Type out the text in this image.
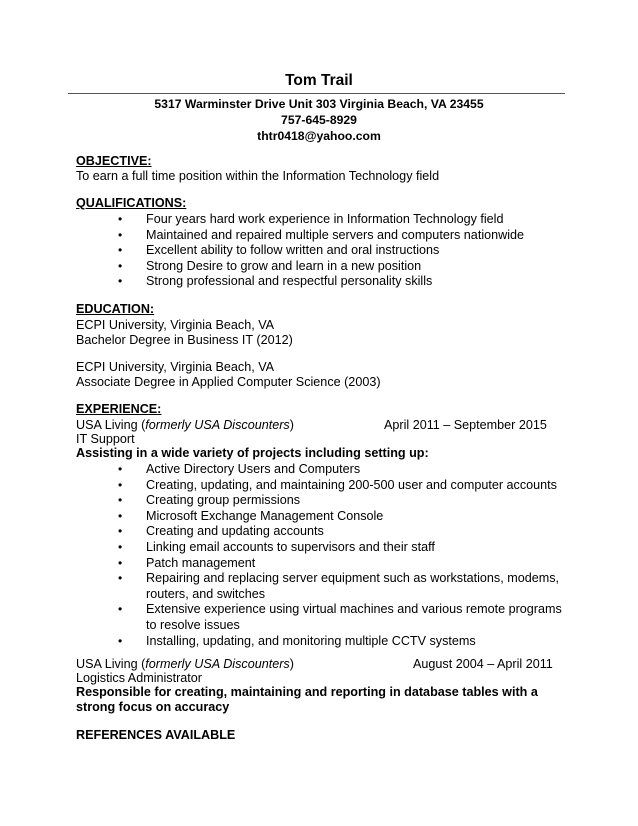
Tom Trail
5317 Warminster Drive Unit 303 Virginia Beach, VA 23455
757-645-8929
thtr0418@yahoo.com
OBJECTIVE:
To earn a full time position within the Information Technology field
QUALIFICATIONS:
• Four years hard work experience in Information Technology field
• Maintained and repaired multiple servers and computers nationwide
• Excellent ability to follow written and oral instructions
• Strong Desire to grow and learn in a new position
• Strong professional and respectful personality skills
EDUCATION:
ECPI University, Virginia Beach, VA
Bachelor Degree in Business IT (2012)
ECPI University, Virginia Beach, VA
Associate Degree in Applied Computer Science (2003)
EXPERIENCE:
USA Living (formerly USA Discounters)	April 2011 – September 2015
IT Support
Assisting in a wide variety of projects including setting up:
• Active Directory Users and Computers
• Creating, updating, and maintaining 200-500 user and computer accounts
• Creating group permissions
• Microsoft Exchange Management Console
• Creating and updating accounts
• Linking email accounts to supervisors and their staff
• Patch management
• Repairing and replacing server equipment such as workstations, modems, routers, and switches
• Extensive experience using virtual machines and various remote programs to resolve issues
• Installing, updating, and monitoring multiple CCTV systems
USA Living (formerly USA Discounters)	August 2004 – April 2011
Logistics Administrator
Responsible for creating, maintaining and reporting in database tables with a strong focus on accuracy
REFERENCES AVAILABLE
